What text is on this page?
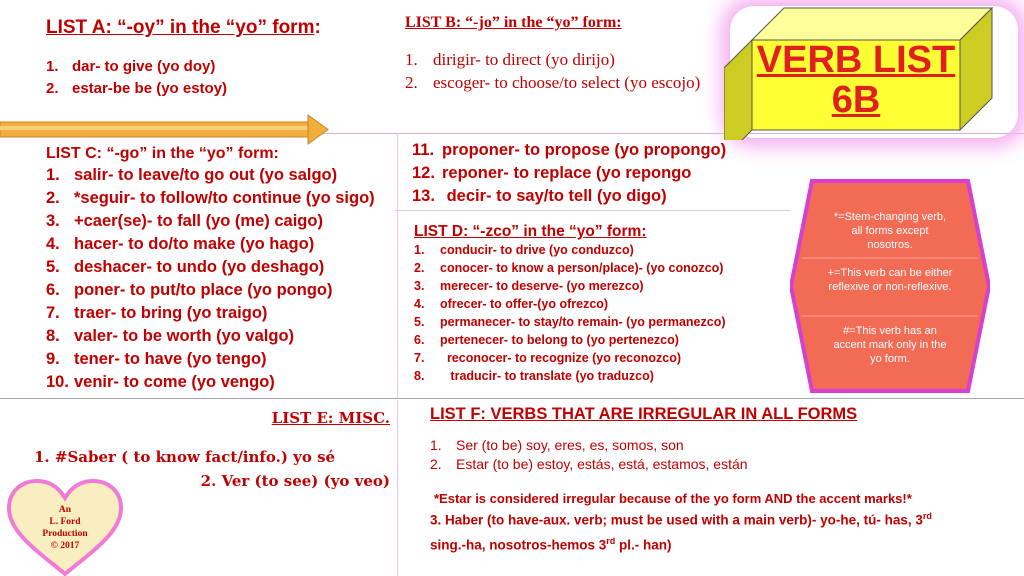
LIST A: “-oy” in the “yo” form:
1. dar- to give (yo doy)
2. estar-be be (yo estoy)
LIST B: “-jo” in the “yo” form:
1. dirigir- to direct (yo dirijo)
2. escoger- to choose/to select (yo escojo)
VERB LIST
6B
LIST C: “-go” in the “yo” form:
1. salir- to leave/to go out (yo salgo)
2. *seguir- to follow/to continue (yo sigo)
3. +caer(se)- to fall (yo (me) caigo)
4. hacer- to do/to make (yo hago)
5. deshacer- to undo (yo deshago)
6. poner- to put/to place (yo pongo)
7. traer- to bring (yo traigo)
8. valer- to be worth (yo valgo)
9. tener- to have (yo tengo)
10. venir- to come (yo vengo)
11. proponer- to propose (yo propongo)
12. reponer- to replace (yo repongo
13. decir- to say/to tell (yo digo)
LIST D: “-zco” in the “yo” form:
1. conducir- to drive (yo conduzco)
2. conocer- to know a person/place)- (yo conozco)
3. merecer- to deserve- (yo merezco)
4. ofrecer- to offer-(yo ofrezco)
5. permanecer- to stay/to remain- (yo permanezco)
6. pertenecer- to belong to (yo pertenezco)
7.  reconocer- to recognize (yo reconozco)
8.   traducir- to translate (yo traduzco)
*=Stem-changing verb, all forms except nosotros.
+=This verb can be either reflexive or non-reflexive.
#=This verb has an accent mark only in the yo form.
LIST E: MISC.
1. #Saber ( to know fact/info.) yo sé
2. Ver (to see) (yo veo)
An
L. Ford
Production
© 2017
LIST F: VERBS THAT ARE IRREGULAR IN ALL FORMS
1. Ser (to be) soy, eres, es, somos, son
2. Estar (to be) estoy, estás, está, estamos, están
*Estar is considered irregular because of the yo form AND the accent marks!*
3. Haber (to have-aux. verb; must be used with a main verb)- yo-he, tú- has, 3rd
sing.-ha, nosotros-hemos 3rd pl.- han)
